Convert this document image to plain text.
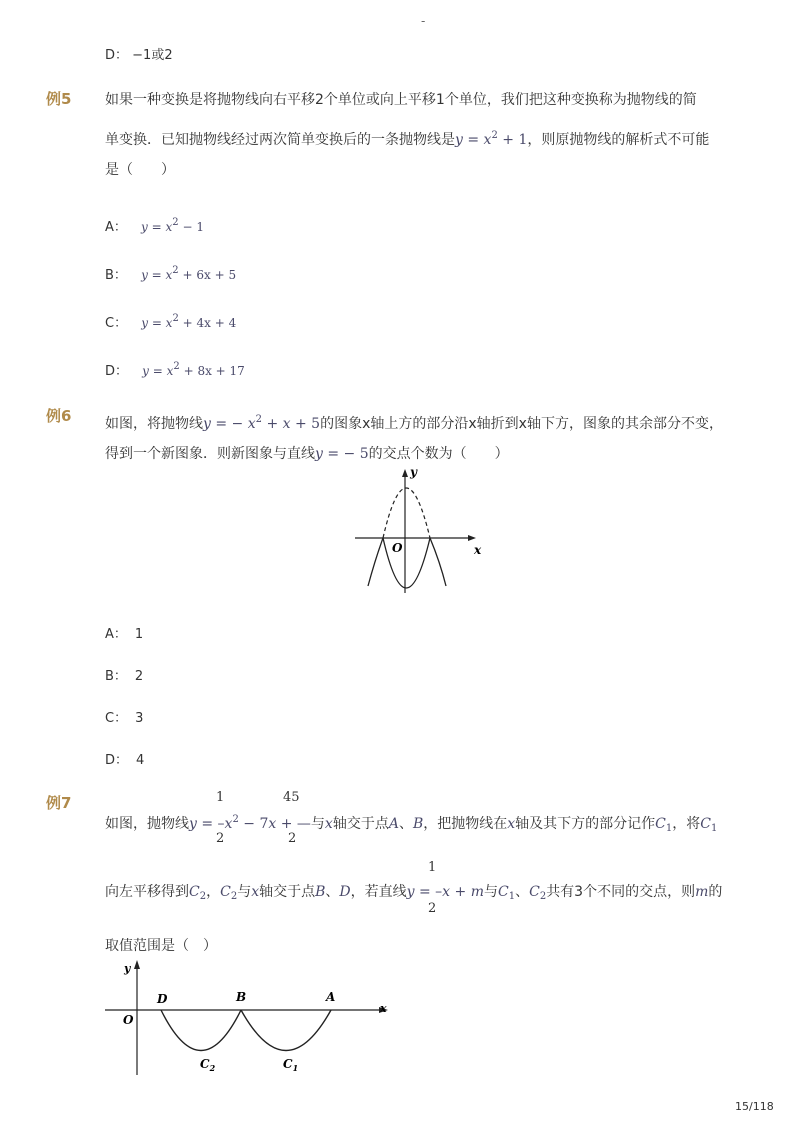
-
D： −1或2
例5 如果一种变换是将抛物线向右平移2个单位或向上平移1个单位，我们把这种变换称为抛物线的简
单变换．已知抛物线经过两次简单变换后的一条抛物线是$y = x^2 + 1$，则原抛物线的解析式不可能
是（　　）
A： $y = x^2 - 1$
B： $y = x^2 + 6x + 5$
C： $y = x^2 + 4x + 4$
D： $y = x^2 + 8x + 17$
例6 如图，将抛物线y = − $x^2 + x + 5$的图象x轴上方的部分沿x轴折到x轴下方，图象的其余部分不变，
得到一个新图象．则新图象与直线y = − 5的交点个数为（　　）
y
x
O
A： 1
B： 2
C： 3
D： 4
例7	1
2
45
2
如图，抛物线$y = -x^2 - 7x$ + —与x轴交于点A、B，把抛物线在x轴及其下方的部分记作$C_1$，将$C_1$
1
2
向左平移得到$C_2$，$C_2$与x轴交于点B、D，若直线y = –x + m与$C_1$、$C_2$共有3个不同的交点，则m的
取值范围是（　）
y
x
O
D	B	A
$C_2$	$C_1$
15/118
